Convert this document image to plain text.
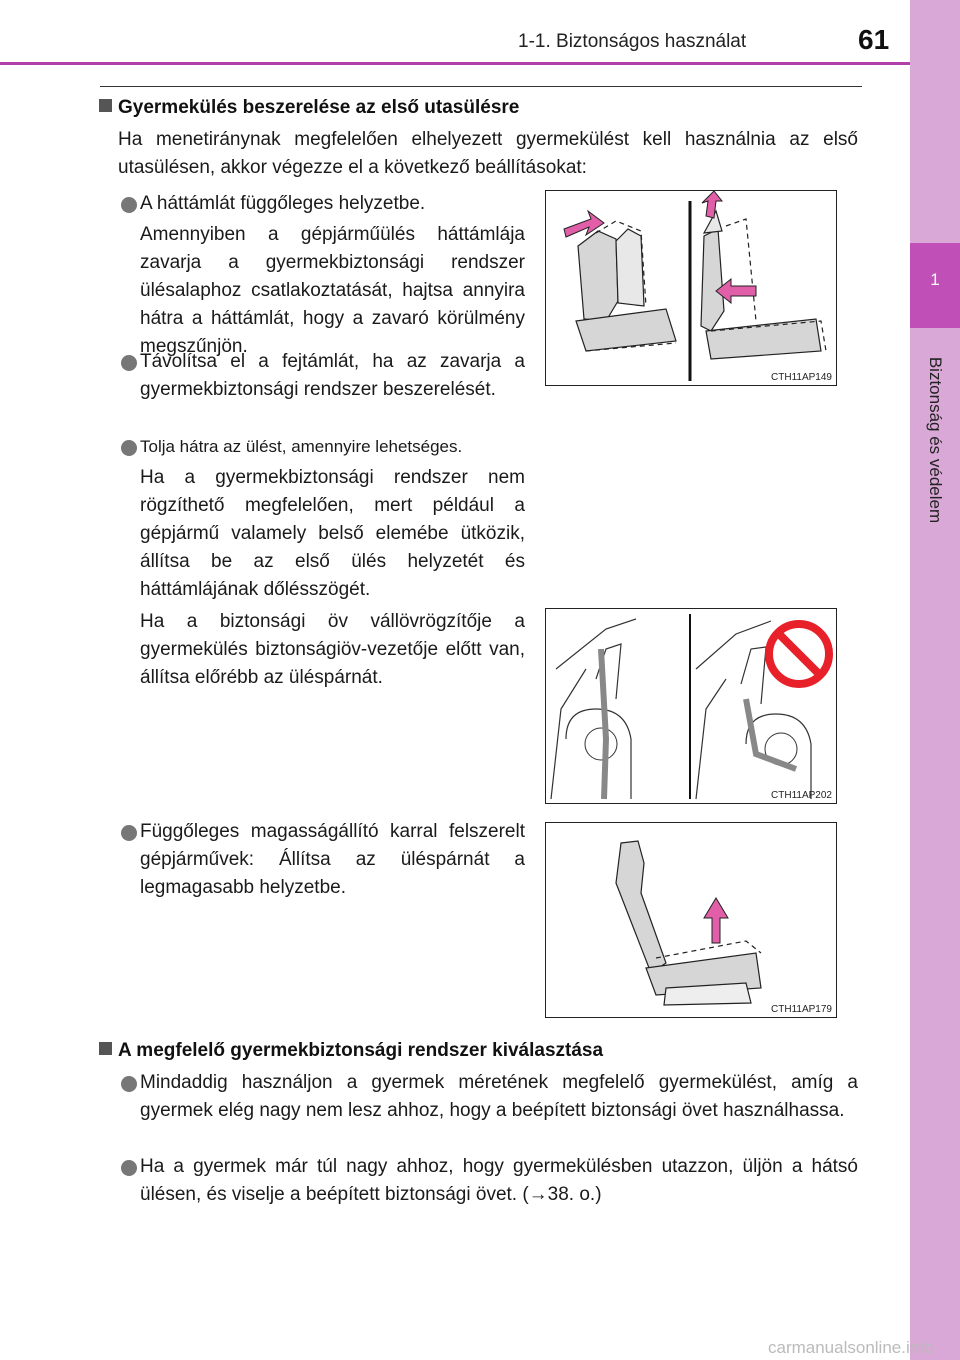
1-1. Biztonságos használat	61
1
Biztonság és védelem
Gyermekülés beszerelése az első utasülésre
Ha menetiránynak megfelelően elhelyezett gyermekülést kell használnia az első utasülésen, akkor végezze el a következő beállításokat:
A háttámlát függőleges helyzetbe.
Amennyiben a gépjárműülés háttámlája zavarja a gyermekbiztonsági rendszer ülésalaphoz csatlakoztatását, hajtsa annyira hátra a háttámlát, hogy a zavaró körülmény megszűnjön.
Távolítsa el a fejtámlát, ha az zavarja a gyermekbiztonsági rendszer beszerelését.
Tolja hátra az ülést, amennyire lehetséges.
Ha a gyermekbiztonsági rendszer nem rögzíthető megfelelően, mert például a gépjármű valamely belső elemébe ütközik, állítsa be az első ülés helyzetét és háttámlájának dőlésszögét.
Ha a biztonsági öv vállövrögzítője a gyermekülés biztonságiöv-vezetője előtt van, állítsa előrébb az üléspárnát.
Függőleges magasságállító karral felszerelt gépjárművek: Állítsa az üléspárnát a legmagasabb helyzetbe.
CTH11AP149
CTH11AP202
CTH11AP179
A megfelelő gyermekbiztonsági rendszer kiválasztása
Mindaddig használjon a gyermek méretének megfelelő gyermekülést, amíg a gyermek elég nagy nem lesz ahhoz, hogy a beépített biztonsági övet használhassa.
Ha a gyermek már túl nagy ahhoz, hogy gyermekülésben utazzon, üljön a hátsó ülésen, és viselje a beépített biztonsági övet. (→38. o.)
carmanualsonline.info
